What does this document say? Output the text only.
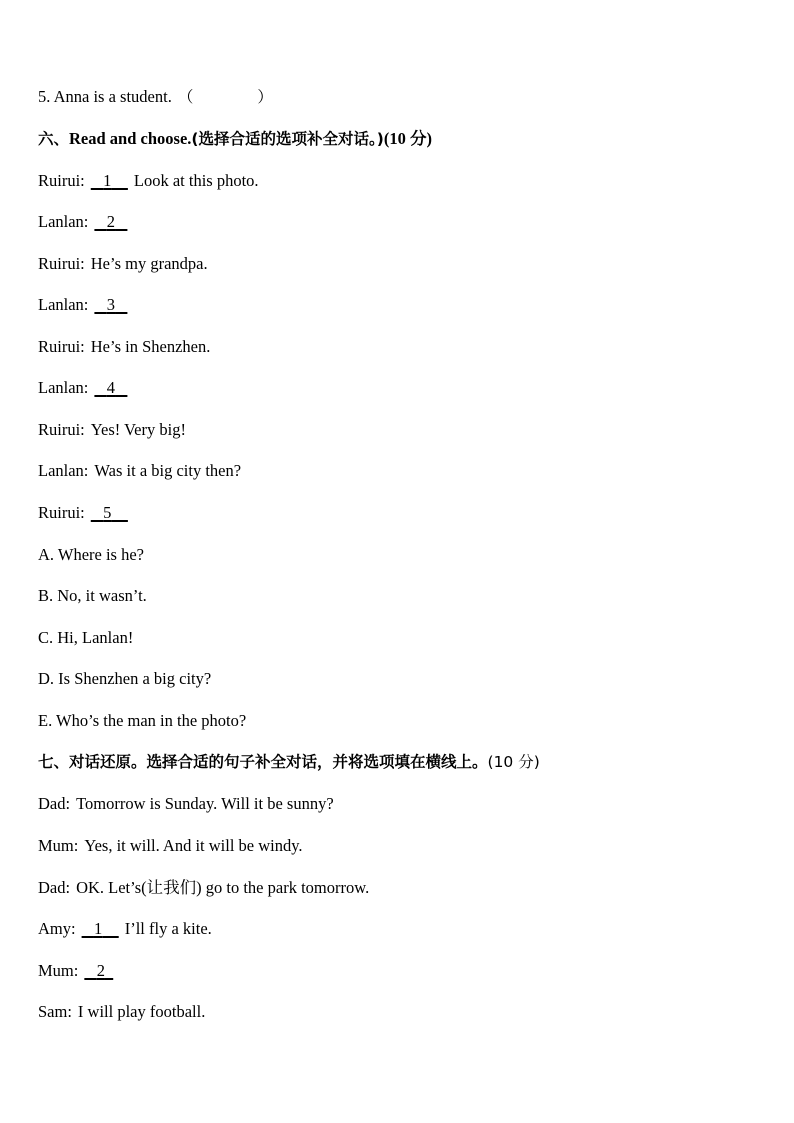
5. Anna is a student. （             ）
六、Read and choose.(选择合适的选项补全对话。)(10 分)
Ruirui: 1 Look at this photo.
Lanlan: 2
Ruirui: He’s my grandpa.
Lanlan: 3
Ruirui: He’s in Shenzhen.
Lanlan: 4
Ruirui: Yes! Very big!
Lanlan: Was it a big city then?
Ruirui: 5
A. Where is he?
B. No, it wasn’t.
C. Hi, Lanlan!
D. Is Shenzhen a big city?
E. Who’s the man in the photo?
七、对话还原。选择合适的句子补全对话，并将选项填在横线上。(10 分)
Dad: Tomorrow is Sunday. Will it be sunny?
Mum: Yes, it will. And it will be windy.
Dad: OK. Let’s(让我们) go to the park tomorrow.
Amy: 1 I’ll fly a kite.
Mum: 2
Sam: I will play football.
